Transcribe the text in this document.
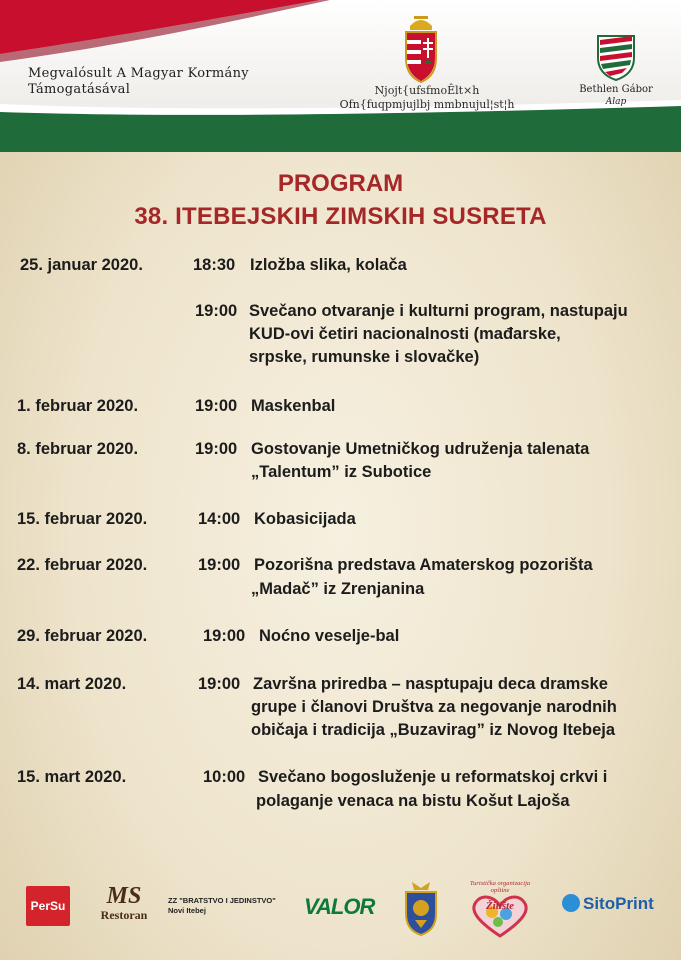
Megvalósult A Magyar Kormány
Támogatásával	Njojt{ufsfmoÊlt×h
Ofn{fuqpmjujlbj mmbnujul¦st¦h
Bethlen Gábor
Alap
PROGRAM
38. ITEBEJSKIH ZIMSKIH SUSRETA
25. januar 2020.	18:30 Izložba slika, kolača
19:00 Svečano otvaranje i kulturni program, nastupaju
KUD-ovi četiri nacionalnosti (mađarske,
srpske, rumunske i slovačke)
1. februar 2020.	19:00 Maskenbal
8. februar 2020.	19:00 Gostovanje Umetničkog udruženja talenata
„Talentum” iz Subotice
15. februar 2020.	14:00 Kobasicijada
22. februar 2020.	19:00 Pozorišna predstava Amaterskog pozorišta
„Madač” iz Zrenjanina
29. februar 2020.	19:00 Noćno veselje-bal
14. mart 2020.	19:00 Završna priredba – nasptupaju deca dramske
grupe i članovi Društva za negovanje narodnih
običaja i tradicija „Buzavirag” iz Novog Itebeja
15. mart 2020.	10:00 Svečano bogosluženje u reformatskoj crkvi i
polaganje venaca na bistu Košut Lajoša
PerSu	MS
Restoran
ZZ "BRATSTVO I JEDINSTVO"
Novi Itebej	VALOR
Turistička organizacija opštine
Žitište	SitoPrint
